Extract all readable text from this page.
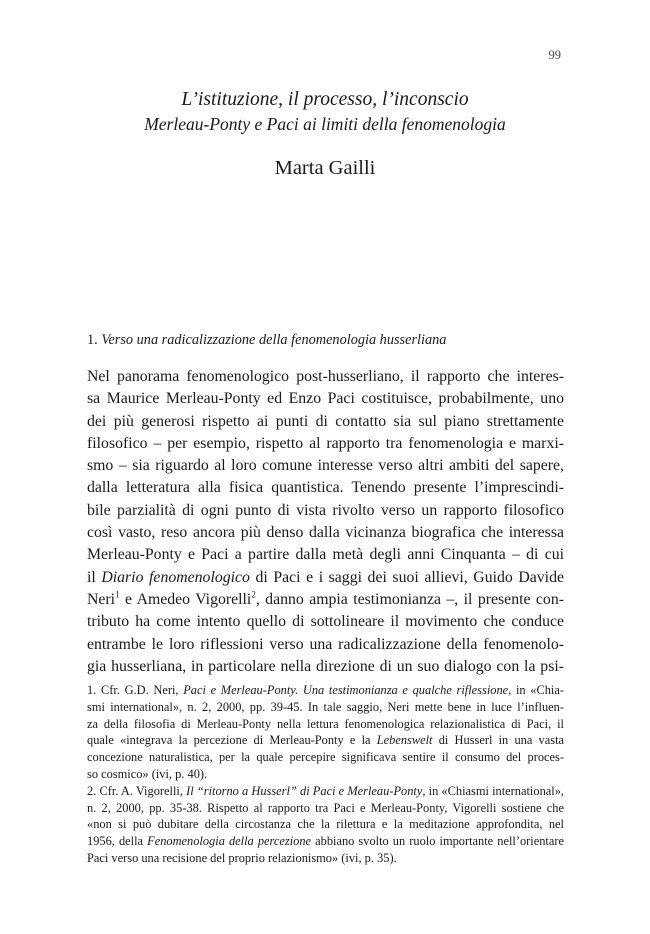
99
L’istituzione, il processo, l’inconscio
Merleau-Ponty e Paci ai limiti della fenomenologia
Marta Gailli
1. Verso una radicalizzazione della fenomenologia husserliana
Nel panorama fenomenologico post-husserliano, il rapporto che interes-
sa Maurice Merleau-Ponty ed Enzo Paci costituisce, probabilmente, uno
dei più generosi rispetto ai punti di contatto sia sul piano strettamente
filosofico – per esempio, rispetto al rapporto tra fenomenologia e marxi-
smo – sia riguardo al loro comune interesse verso altri ambiti del sapere,
dalla letteratura alla fisica quantistica. Tenendo presente l’imprescindi-
bile parzialità di ogni punto di vista rivolto verso un rapporto filosofico
così vasto, reso ancora più denso dalla vicinanza biografica che interessa
Merleau-Ponty e Paci a partire dalla metà degli anni Cinquanta – di cui
il Diario fenomenologico di Paci e i saggi dei suoi allievi, Guido Davide
Neri$^1$ e Amedeo Vigorelli$^2$, danno ampia testimonianza –, il presente con-
tributo ha come intento quello di sottolineare il movimento che conduce
entrambe le loro riflessioni verso una radicalizzazione della fenomenolo-
gia husserliana, in particolare nella direzione di un suo dialogo con la psi-
1. Cfr. G.D. Neri, Paci e Merleau-Ponty. Una testimonianza e qualche riflessione, in «Chia-
smi international», n. 2, 2000, pp. 39-45. In tale saggio, Neri mette bene in luce l’influen-
za della filosofia di Merleau-Ponty nella lettura fenomenologica relazionalistica di Paci, il
quale «integrava la percezione di Merleau-Ponty e la Lebenswelt di Husserl in una vasta
concezione naturalistica, per la quale percepire significava sentire il consumo del proces-
so cosmico» (ivi, p. 40).
2. Cfr. A. Vigorelli, Il “ritorno a Husserl” di Paci e Merleau-Ponty, in «Chiasmi international»,
n. 2, 2000, pp. 35-38. Rispetto al rapporto tra Paci e Merleau-Ponty, Vigorelli sostiene che
«non si può dubitare della circostanza che la rilettura e la meditazione approfondita, nel
1956, della Fenomenologia della percezione abbiano svolto un ruolo importante nell’orientare
Paci verso una recisione del proprio relazionismo» (ivi, p. 35).
